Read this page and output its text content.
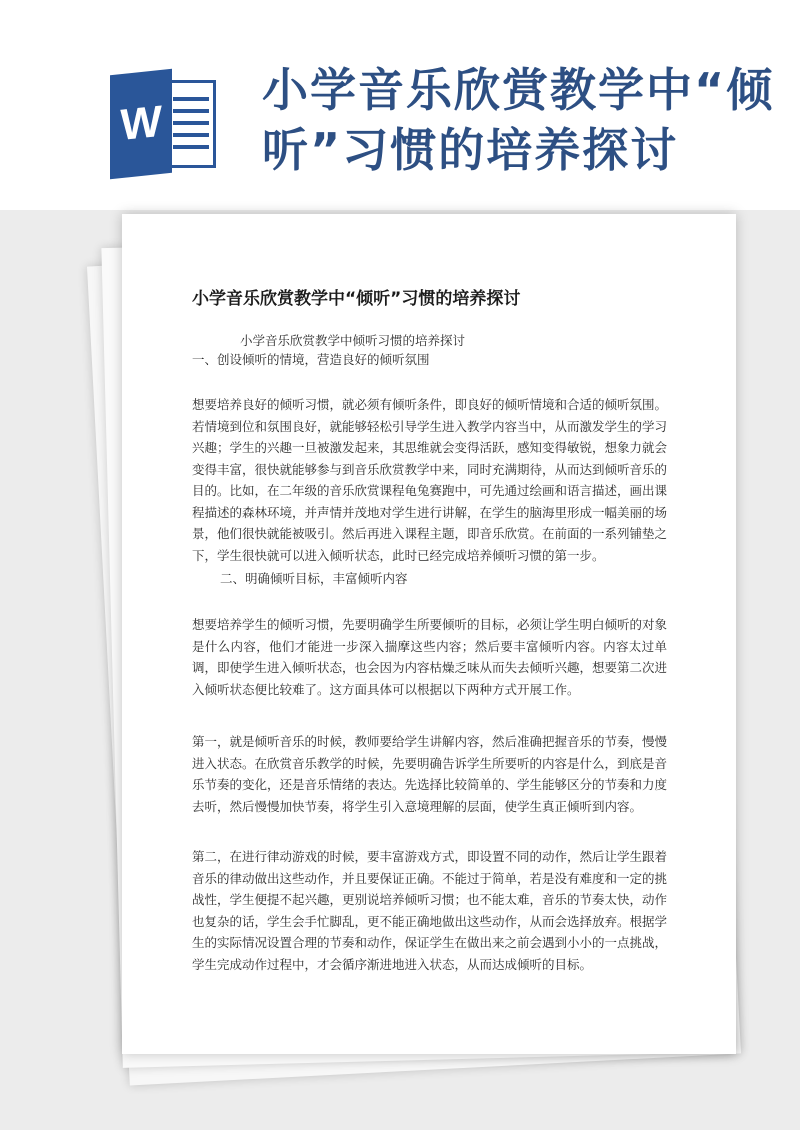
W
小学音乐欣赏教学中“倾听”习惯的培养探讨
小学音乐欣赏教学中“倾听”习惯的培养探讨

小学音乐欣赏教学中倾听习惯的培养探讨

一、创设倾听的情境，营造良好的倾听氛围

想要培养良好的倾听习惯，就必须有倾听条件，即良好的倾听情境和合适的倾听氛围。若情境到位和氛围良好，就能够轻松引导学生进入教学内容当中，从而激发学生的学习兴趣；学生的兴趣一旦被激发起来，其思维就会变得活跃，感知变得敏锐，想象力就会变得丰富，很快就能够参与到音乐欣赏教学中来，同时充满期待，从而达到倾听音乐的目的。比如，在二年级的音乐欣赏课程龟兔赛跑中，可先通过绘画和语言描述，画出课程描述的森林环境，并声情并茂地对学生进行讲解，在学生的脑海里形成一幅美丽的场景，他们很快就能被吸引。然后再进入课程主题，即音乐欣赏。在前面的一系列铺垫之下，学生很快就可以进入倾听状态，此时已经完成培养倾听习惯的第一步。

二、明确倾听目标，丰富倾听内容

想要培养学生的倾听习惯，先要明确学生所要倾听的目标，必须让学生明白倾听的对象是什么内容，他们才能进一步深入揣摩这些内容；然后要丰富倾听内容。内容太过单调，即使学生进入倾听状态，也会因为内容枯燥乏味从而失去倾听兴趣，想要第二次进入倾听状态便比较难了。这方面具体可以根据以下两种方式开展工作。

第一，就是倾听音乐的时候，教师要给学生讲解内容，然后准确把握音乐的节奏，慢慢进入状态。在欣赏音乐教学的时候，先要明确告诉学生所要听的内容是什么，到底是音乐节奏的变化，还是音乐情绪的表达。先选择比较简单的、学生能够区分的节奏和力度去听，然后慢慢加快节奏，将学生引入意境理解的层面，使学生真正倾听到内容。

第二，在进行律动游戏的时候，要丰富游戏方式，即设置不同的动作，然后让学生跟着音乐的律动做出这些动作，并且要保证正确。不能过于简单，若是没有难度和一定的挑战性，学生便提不起兴趣，更别说培养倾听习惯；也不能太难，音乐的节奏太快，动作也复杂的话，学生会手忙脚乱，更不能正确地做出这些动作，从而会选择放弃。根据学生的实际情况设置合理的节奏和动作，保证学生在做出来之前会遇到小小的一点挑战，学生完成动作过程中，才会循序渐进地进入状态，从而达成倾听的目标。
